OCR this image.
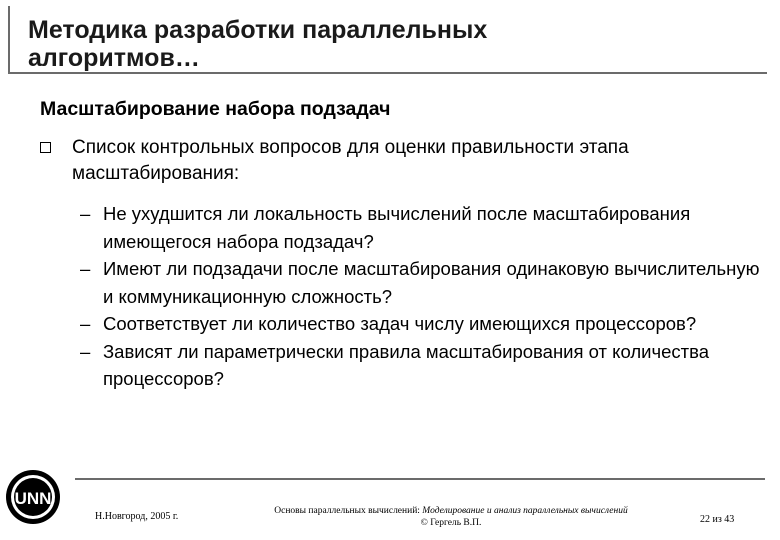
Методика разработки параллельных
алгоритмов…
Масштабирование набора подзадач
Список контрольных вопросов для оценки правильности этапа масштабирования:
– Не ухудшится ли локальность вычислений после масштабирования имеющегося набора подзадач?
– Имеют ли подзадачи после масштабирования одинаковую вычислительную и коммуникационную сложность?
– Соответствует ли количество задач числу имеющихся процессоров?
– Зависят ли параметрически правила масштабирования от количества процессоров?
UNN
Н.Новгород, 2005 г.	Основы параллельных вычислений: Моделирование и анализ параллельных вычислений
© Гергель В.П.	22 из 43
